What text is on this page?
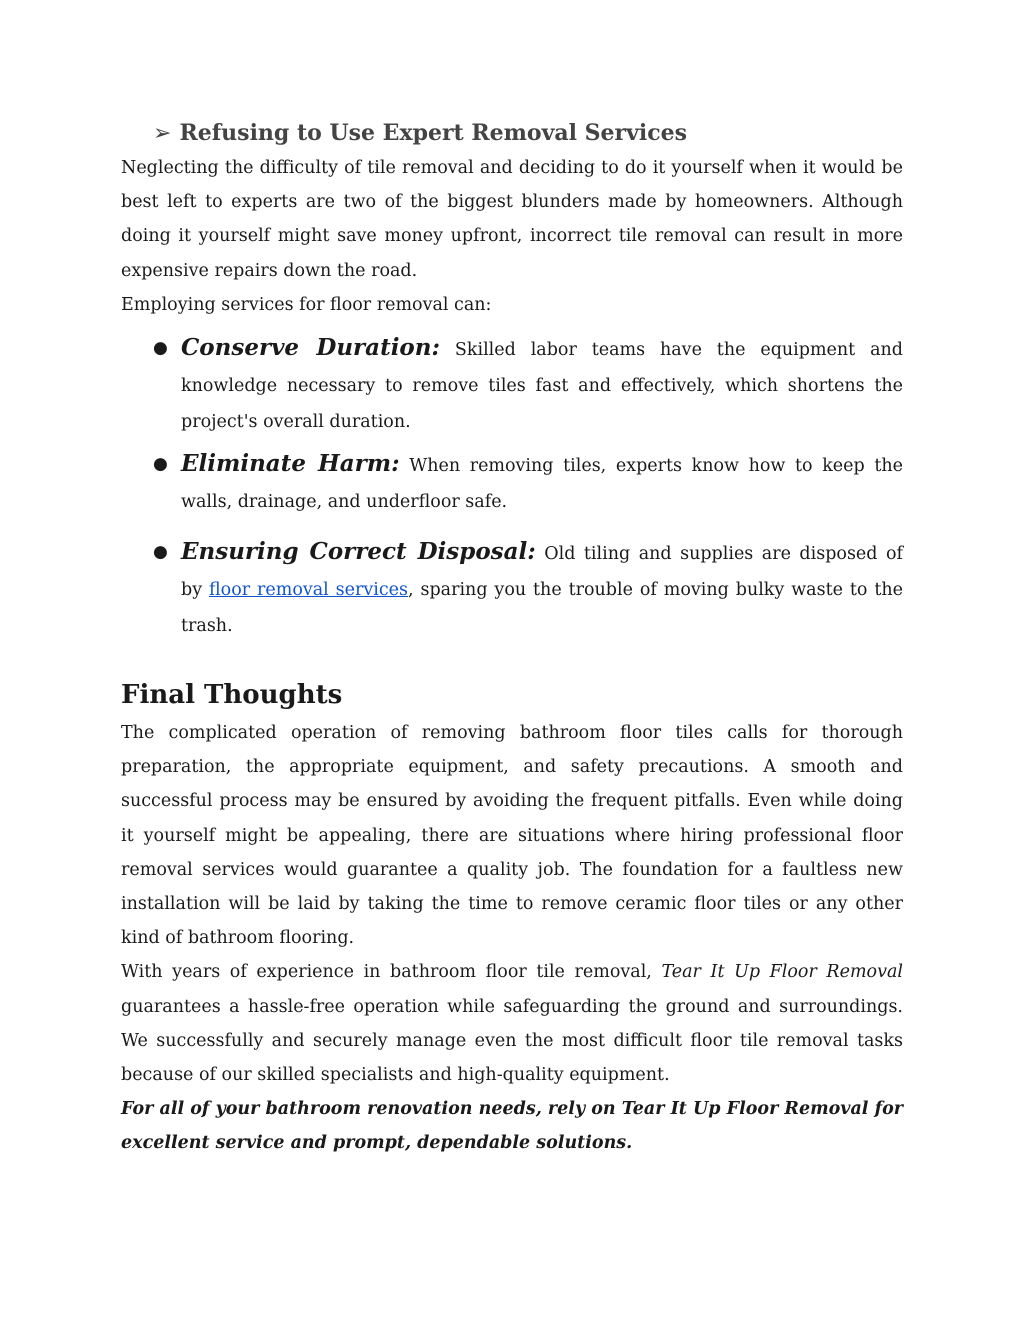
➢ Refusing to Use Expert Removal Services

Neglecting the difficulty of tile removal and deciding to do it yourself when it would be best left to experts are two of the biggest blunders made by homeowners. Although doing it yourself might save money upfront, incorrect tile removal can result in more expensive repairs down the road.

Employing services for floor removal can:

● Conserve Duration: Skilled labor teams have the equipment and knowledge necessary to remove tiles fast and effectively, which shortens the project's overall duration.
● Eliminate Harm: When removing tiles, experts know how to keep the walls, drainage, and underfloor safe.
● Ensuring Correct Disposal: Old tiling and supplies are disposed of by floor removal services, sparing you the trouble of moving bulky waste to the trash.
Final Thoughts

The complicated operation of removing bathroom floor tiles calls for thorough preparation, the appropriate equipment, and safety precautions. A smooth and successful process may be ensured by avoiding the frequent pitfalls. Even while doing it yourself might be appealing, there are situations where hiring professional floor removal services would guarantee a quality job. The foundation for a faultless new installation will be laid by taking the time to remove ceramic floor tiles or any other kind of bathroom flooring.

With years of experience in bathroom floor tile removal, Tear It Up Floor Removal guarantees a hassle-free operation while safeguarding the ground and surroundings. We successfully and securely manage even the most difficult floor tile removal tasks because of our skilled specialists and high-quality equipment.

For all of your bathroom renovation needs, rely on Tear It Up Floor Removal for excellent service and prompt, dependable solutions.
